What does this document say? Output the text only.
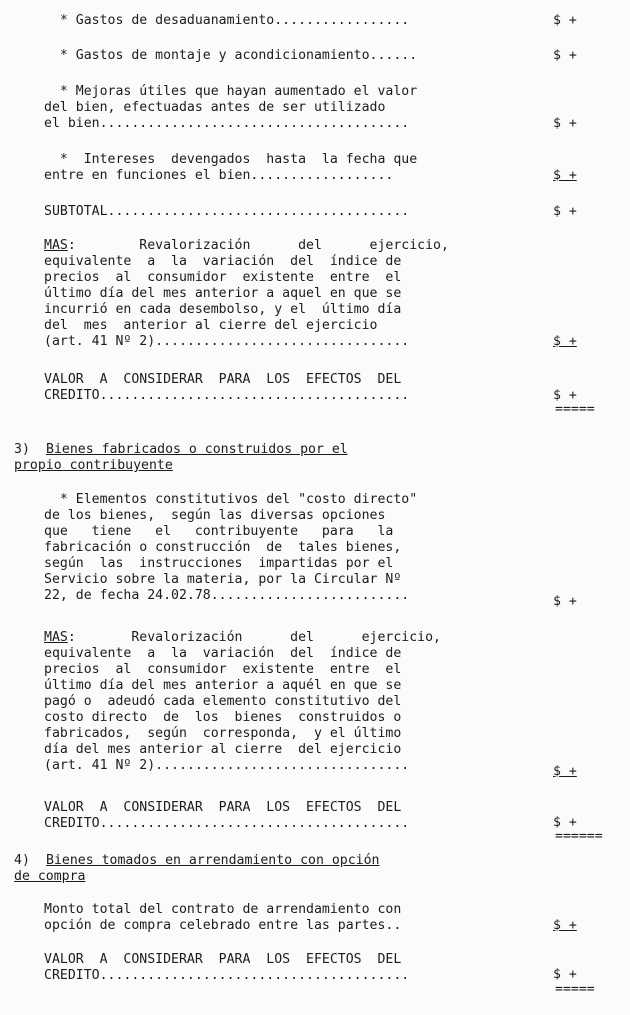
* Gastos de desaduanamiento.................	$ +
* Gastos de montaje y acondicionamiento......	$ +
* Mejoras útiles que hayan aumentado el valor
del bien, efectuadas antes de ser utilizado
el bien.......................................	$ +
*  Intereses  devengados  hasta  la fecha que
entre en funciones el bien..................	$ +
SUBTOTAL......................................	$ +
MAS:        Revalorización      del      ejercicio,
equivalente  a  la  variación  del  índice de
precios  al  consumidor  existente  entre  el
último día del mes anterior a aquel en que se
incurrió en cada desembolso, y el  último día
del  mes  anterior al cierre del ejercicio
(art. 41 Nº 2)................................	$ +
VALOR  A  CONSIDERAR  PARA  LOS  EFECTOS  DEL
CREDITO.......................................	$ +
=====
3) Bienes fabricados o construidos por el
propio contribuyente
* Elementos constitutivos del "costo directo"
de los bienes,  según las diversas opciones
que   tiene   el   contribuyente   para   la
fabricación o construcción  de  tales bienes,
según  las  instrucciones  impartidas por el
Servicio sobre la materia, por la Circular Nº
22, de fecha 24.02.78.........................	$ +
MAS:       Revalorización      del      ejercicio,
equivalente  a  la  variación  del  índice de
precios  al  consumidor  existente  entre  el
último día del mes anterior a aquél en que se
pagó o  adeudó cada elemento constitutivo del
costo directo  de  los  bienes  construidos o
fabricados,  según  corresponda,  y el último
día del mes anterior al cierre  del ejercicio
(art. 41 Nº 2)................................	$ +
VALOR  A  CONSIDERAR  PARA  LOS  EFECTOS  DEL
CREDITO.......................................	$ +
======
4) Bienes tomados en arrendamiento con opción
de compra
Monto total del contrato de arrendamiento con
opción de compra celebrado entre las partes..	$ +
VALOR  A  CONSIDERAR  PARA  LOS  EFECTOS  DEL
CREDITO.......................................	$ +
=====
